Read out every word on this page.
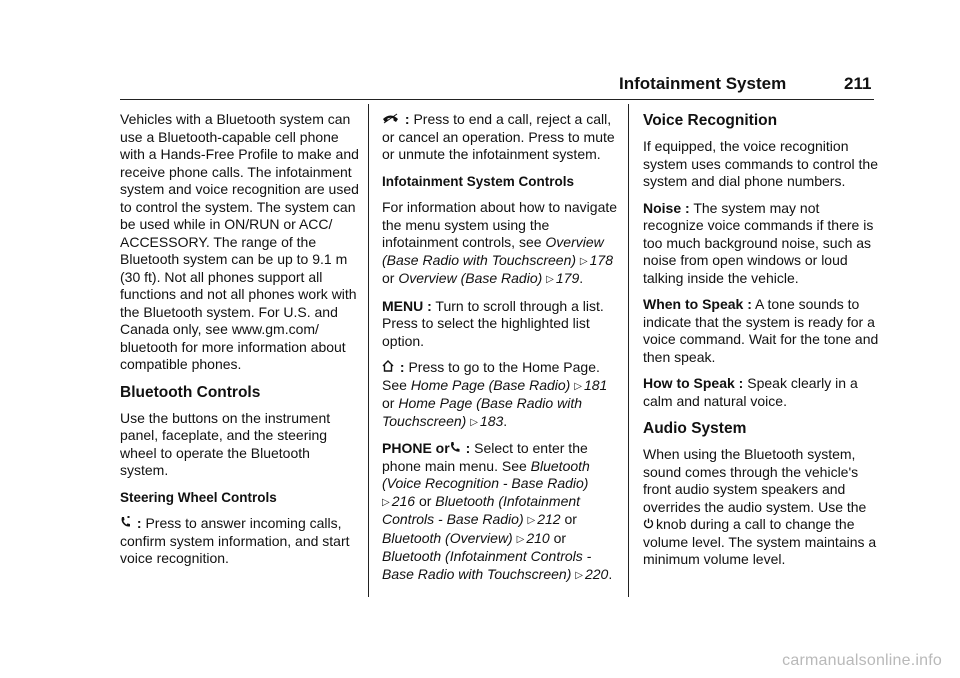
Infotainment System	211

Vehicles with a Bluetooth system can use a Bluetooth-capable cell phone with a Hands-Free Profile to make and receive phone calls. The infotainment system and voice recognition are used to control the system. The system can be used while in ON/RUN or ACC/ ACCESSORY. The range of the Bluetooth system can be up to 9.1 m (30 ft). Not all phones support all functions and not all phones work with the Bluetooth system. For U.S. and Canada only, see www.gm.com/ bluetooth for more information about compatible phones.

Bluetooth Controls

Use the buttons on the instrument panel, faceplate, and the steering wheel to operate the Bluetooth system.

Steering Wheel Controls

: Press to answer incoming calls, confirm system information, and start voice recognition.

: Press to end a call, reject a call, or cancel an operation. Press to mute or unmute the infotainment system.

Infotainment System Controls

For information about how to navigate the menu system using the infotainment controls, see Overview (Base Radio with Touchscreen) ▷ 178 or Overview (Base Radio) ▷ 179.

MENU : Turn to scroll through a list. Press to select the highlighted list option.

: Press to go to the Home Page. See Home Page (Base Radio) ▷ 181 or Home Page (Base Radio with Touchscreen) ▷ 183.

PHONE or : Select to enter the phone main menu. See Bluetooth (Voice Recognition - Base Radio) ▷ 216 or Bluetooth (Infotainment Controls - Base Radio) ▷ 212 or Bluetooth (Overview) ▷ 210 or Bluetooth (Infotainment Controls - Base Radio with Touchscreen) ▷ 220.

Voice Recognition

If equipped, the voice recognition system uses commands to control the system and dial phone numbers.

Noise : The system may not recognize voice commands if there is too much background noise, such as noise from open windows or loud talking inside the vehicle.

When to Speak : A tone sounds to indicate that the system is ready for a voice command. Wait for the tone and then speak.

How to Speak : Speak clearly in a calm and natural voice.

Audio System

When using the Bluetooth system, sound comes through the vehicle's front audio system speakers and overrides the audio system. Use the knob during a call to change the volume level. The system maintains a minimum volume level.

carmanualsonline.info
